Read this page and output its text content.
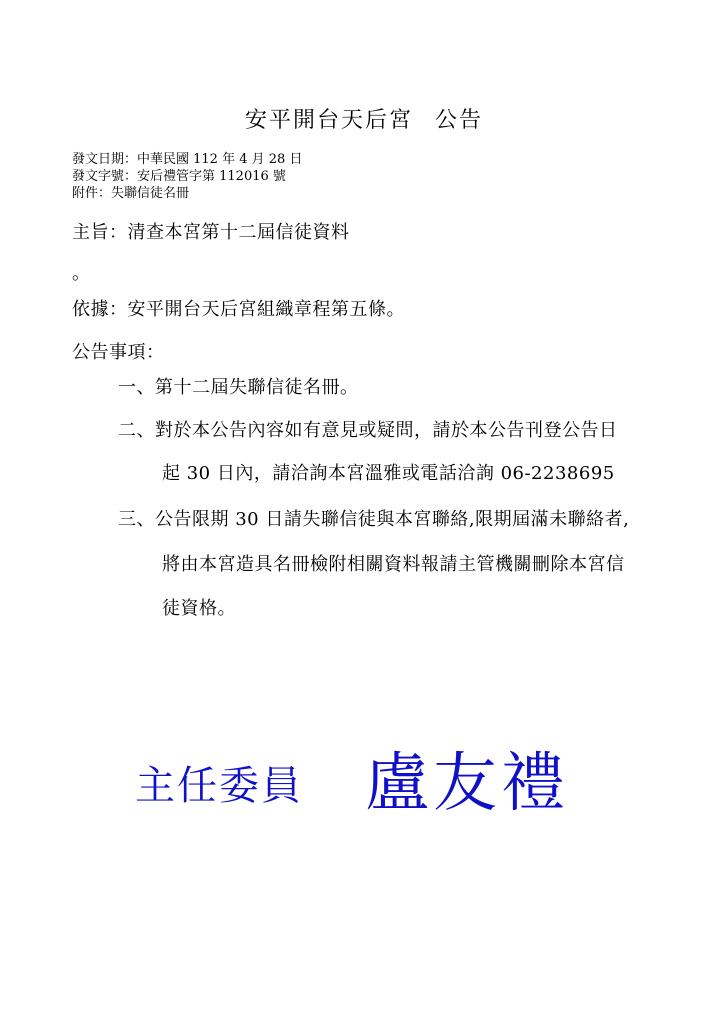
安平開台天后宮 公告
發文日期：中華民國 112 年 4 月 28 日
發文字號：安后禮管字第 112016 號
附件：失聯信徒名冊
主旨：清查本宮第十二屆信徒資料
。
依據：安平開台天后宮組織章程第五條。
公告事項：
一、第十二屆失聯信徒名冊。
二、對於本公告內容如有意見或疑問，請於本公告刊登公告日
起 30 日內，請洽詢本宮溫雅或電話洽詢 06-2238695
三、公告限期 30 日請失聯信徒與本宮聯絡,限期屆滿未聯絡者,
將由本宮造具名冊檢附相關資料報請主管機關刪除本宮信
徒資格。
主任委員 盧友禮
